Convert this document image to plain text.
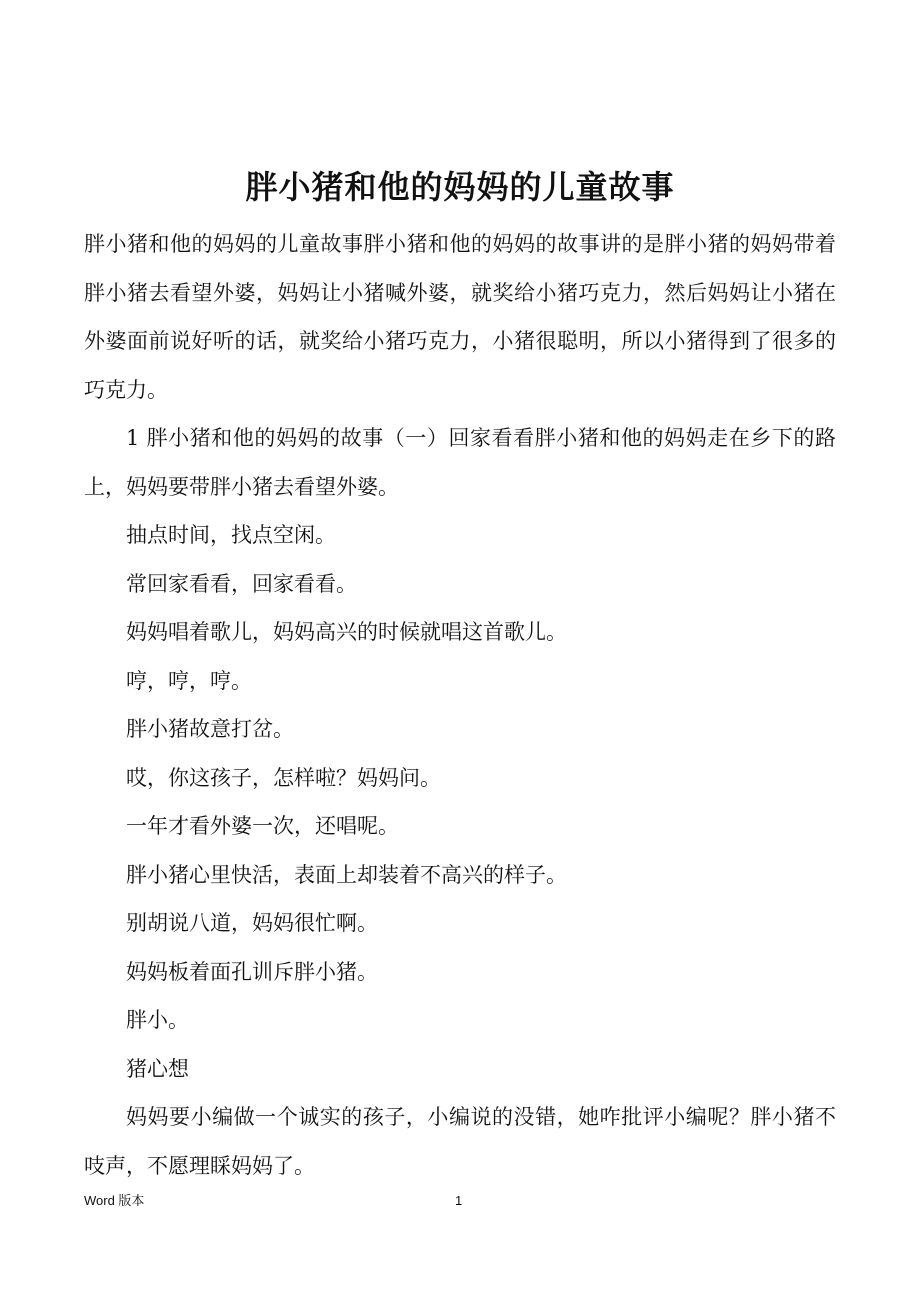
胖小猪和他的妈妈的儿童故事

胖小猪和他的妈妈的儿童故事胖小猪和他的妈妈的故事讲的是胖小猪的妈妈带着胖小猪去看望外婆，妈妈让小猪喊外婆，就奖给小猪巧克力，然后妈妈让小猪在外婆面前说好听的话，就奖给小猪巧克力，小猪很聪明，所以小猪得到了很多的巧克力。

1 胖小猪和他的妈妈的故事（一）回家看看胖小猪和他的妈妈走在乡下的路上，妈妈要带胖小猪去看望外婆。

抽点时间，找点空闲。

常回家看看，回家看看。

妈妈唱着歌儿，妈妈高兴的时候就唱这首歌儿。

哼，哼，哼。

胖小猪故意打岔。

哎，你这孩子，怎样啦？妈妈问。

一年才看外婆一次，还唱呢。

胖小猪心里快活，表面上却装着不高兴的样子。

别胡说八道，妈妈很忙啊。

妈妈板着面孔训斥胖小猪。

胖小。

猪心想

妈妈要小编做一个诚实的孩子，小编说的没错，她咋批评小编呢？胖小猪不吱声，不愿理睬妈妈了。

Word 版本	1
